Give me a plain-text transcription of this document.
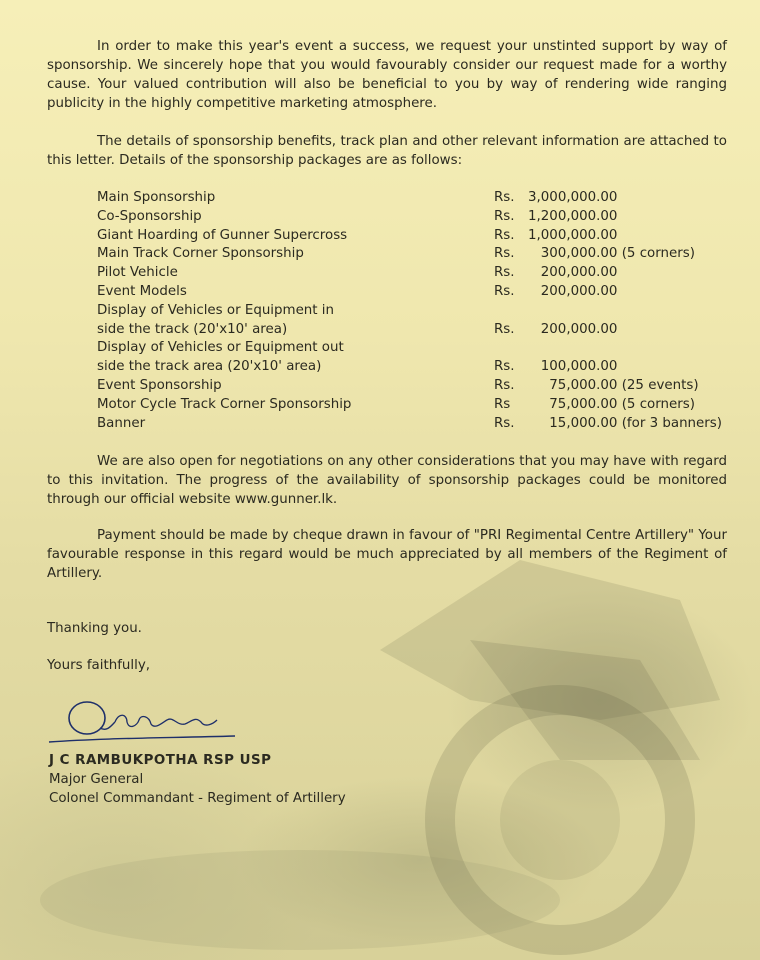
In order to make this year's event a success, we request your unstinted support by way of sponsorship. We sincerely hope that you would favourably consider our request made for a worthy cause. Your valued contribution will also be beneficial to you by way of rendering wide ranging publicity in the highly competitive marketing atmosphere.

The details of sponsorship benefits, track plan and other relevant information are attached to this letter. Details of the sponsorship packages are as follows:

Main Sponsorship	Rs.	3,000,000.00
Co-Sponsorship	Rs.	1,200,000.00
Giant Hoarding of Gunner Supercross	Rs.	1,000,000.00
Main Track Corner Sponsorship	Rs.	300,000.00 (5 corners)
Pilot Vehicle	Rs.	200,000.00
Event Models	Rs.	200,000.00
Display of Vehicles or Equipment in		
side the track (20'x10' area)	Rs.	200,000.00
Display of Vehicles or Equipment out		
side the track area (20'x10' area)	Rs.	100,000.00
Event Sponsorship	Rs.	75,000.00 (25 events)
Motor Cycle Track Corner Sponsorship	Rs	75,000.00 (5 corners)
Banner	Rs.	15,000.00 (for 3 banners)

We are also open for negotiations on any other considerations that you may have with regard to this invitation. The progress of the availability of sponsorship packages could be monitored through our official website www.gunner.lk.

Payment should be made by cheque drawn in favour of "PRI Regimental Centre Artillery" Your favourable response in this regard would be much appreciated by all members of the Regiment of Artillery.

Thanking you.

Yours faithfully,

J C RAMBUKPOTHA RSP USP

Major General

Colonel Commandant - Regiment of Artillery
